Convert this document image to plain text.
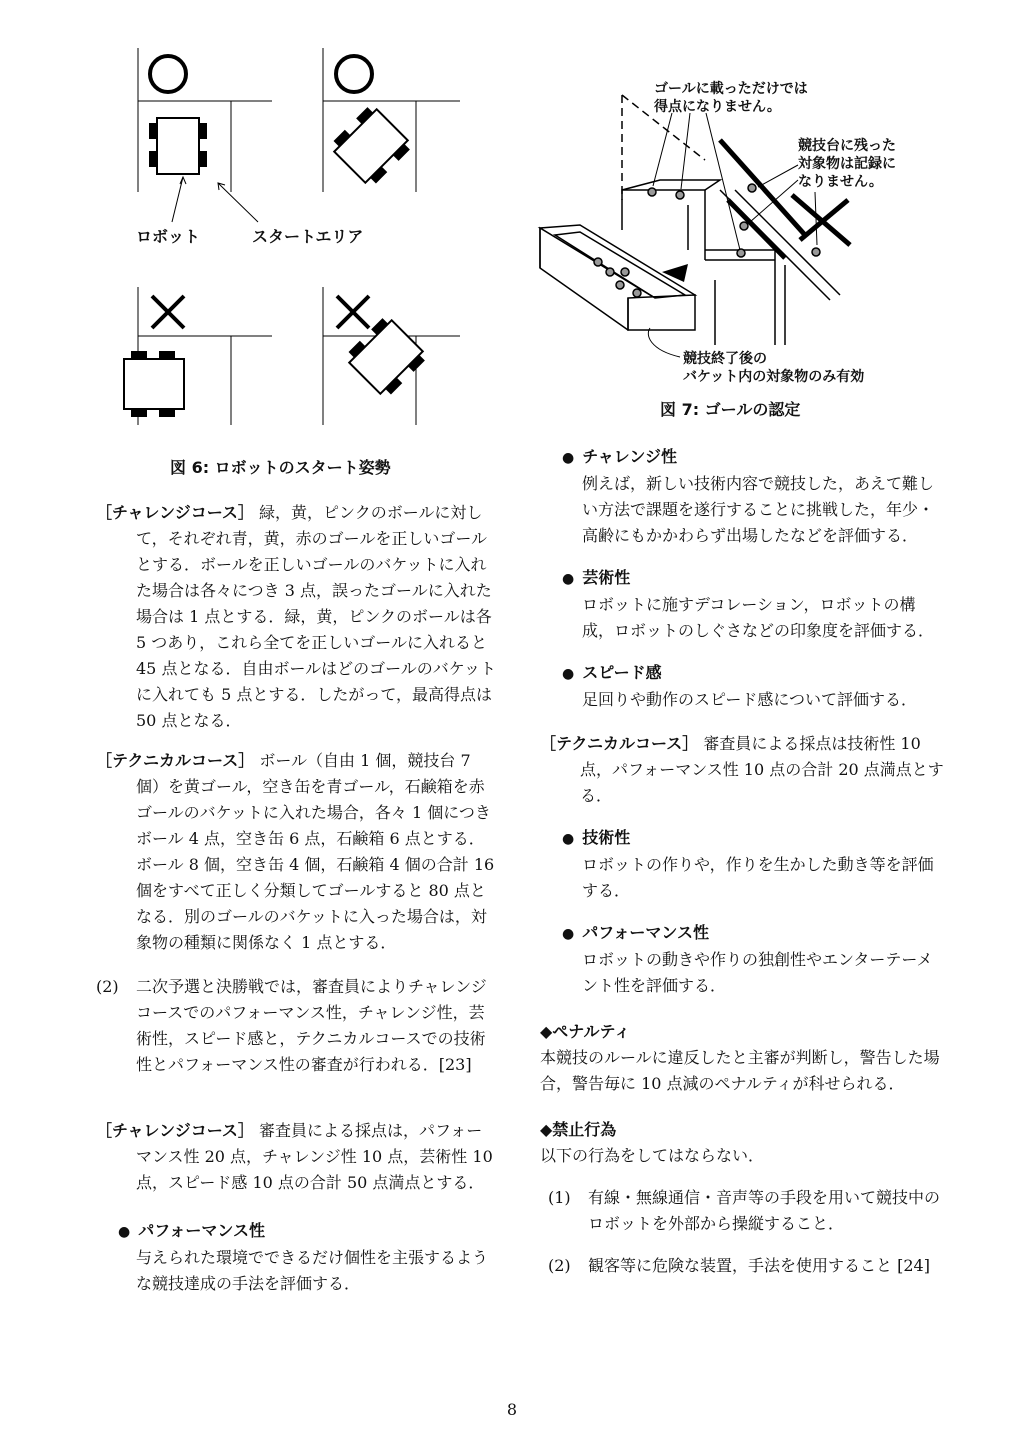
ロボット	スタートエリア
図 6: ロボットのスタート姿勢
ゴールに載っただけでは
得点になりません。
競技台に残った
対象物は記録に
なりません。
競技終了後の
バケット内の対象物のみ有効
図 7: ゴールの認定
［チャレンジコース］ 緑，黄，ピンクのボールに対して，それぞれ青，黄，赤のゴールを正しいゴールとする．ボールを正しいゴールのバケットに入れた場合は各々につき 3 点，誤ったゴールに入れた場合は 1 点とする．緑，黄，ピンクのボールは各 5 つあり，これら全てを正しいゴールに入れると 45 点となる．自由ボールはどのゴールのバケットに入れても 5 点とする．したがって，最高得点は 50 点となる．
［テクニカルコース］ ボール（自由 1 個，競技台 7 個）を黄ゴール，空き缶を青ゴール，石鹸箱を赤ゴールのバケットに入れた場合，各々 1 個につきボール 4 点，空き缶 6 点，石鹸箱 6 点とする．ボール 8 個，空き缶 4 個，石鹸箱 4 個の合計 16 個をすべて正しく分類してゴールすると 80 点となる．別のゴールのバケットに入った場合は，対象物の種類に関係なく 1 点とする．
(2) 二次予選と決勝戦では，審査員によりチャレンジコースでのパフォーマンス性，チャレンジ性，芸術性，スピード感と，テクニカルコースでの技術性とパフォーマンス性の審査が行われる．[23]
［チャレンジコース］ 審査員による採点は，パフォーマンス性 20 点，チャレンジ性 10 点，芸術性 10 点，スピード感 10 点の合計 50 点満点とする．
● パフォーマンス性
与えられた環境でできるだけ個性を主張するような競技達成の手法を評価する．
● チャレンジ性
例えば，新しい技術内容で競技した，あえて難しい方法で課題を遂行することに挑戦した，年少・高齢にもかかわらず出場したなどを評価する．
● 芸術性
ロボットに施すデコレーション，ロボットの構成，ロボットのしぐさなどの印象度を評価する．
● スピード感
足回りや動作のスピード感について評価する．
［テクニカルコース］ 審査員による採点は技術性 10 点，パフォーマンス性 10 点の合計 20 点満点とする．
● 技術性
ロボットの作りや，作りを生かした動き等を評価する．
● パフォーマンス性
ロボットの動きや作りの独創性やエンターテーメント性を評価する．
◆ペナルティ
本競技のルールに違反したと主審が判断し，警告した場合，警告毎に 10 点減のペナルティが科せられる．
◆禁止行為
以下の行為をしてはならない．
(1) 有線・無線通信・音声等の手段を用いて競技中のロボットを外部から操縦すること．
(2) 観客等に危険な装置，手法を使用すること [24]
8
